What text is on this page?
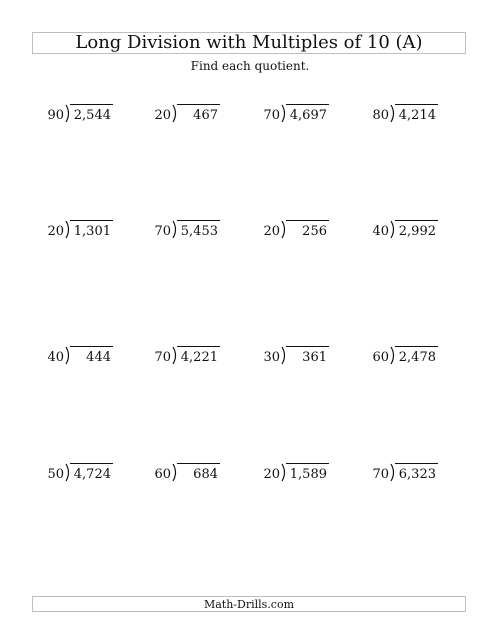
Long Division with Multiples of 10 (A)
Find each quotient.
90 2,544	20	467	70 4,697	80 4,214
20 1,301	70 5,453	20	256	40 2,992
40	444	70 4,221	30	361	60 2,478
50 4,724	60	684	20 1,589	70 6,323
Math-Drills.com
